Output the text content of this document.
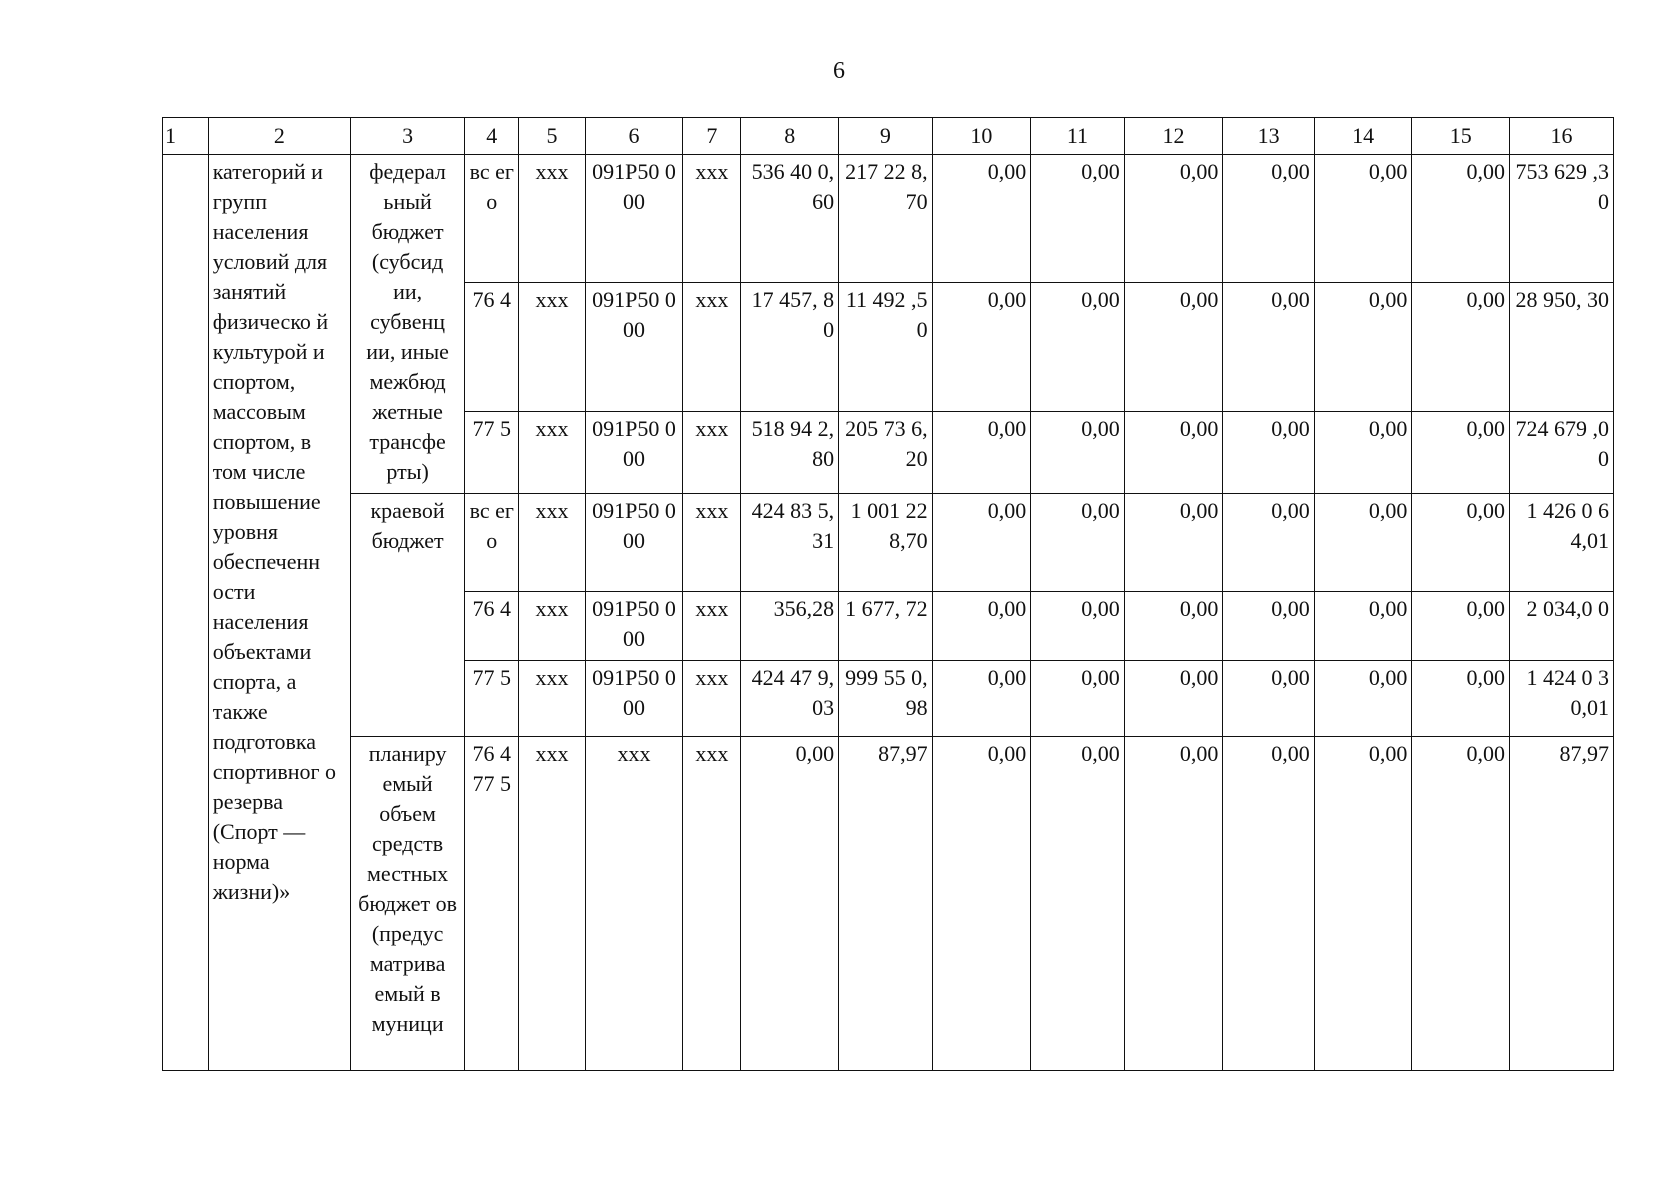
6
1	2	3	4	5	6	7	8	9	10	11	12	13	14	15	16
	категорий и групп населения условий для занятий физическо й культурой и спортом, массовым спортом, в том числе повышение уровня обеспеченн ости населения объектами спорта, а также подготовка спортивног о резерва (Спорт — норма жизни)»	федерал ьный бюджет (субсид ии, субвенц ии, иные межбюд жетные трансфе рты)	вс ег о	xxx	091P50 000	xxx	536 40 0,60	217 22 8,70	0,00	0,00	0,00	0,00	0,00	0,00	753 629 ,30
			76 4	xxx	091P50 000	xxx	17 457, 80	11 492 ,50	0,00	0,00	0,00	0,00	0,00	0,00	28 950, 30
			77 5	xxx	091P50 000	xxx	518 94 2,80	205 73 6,20	0,00	0,00	0,00	0,00	0,00	0,00	724 679 ,00
		краевой бюджет	вс ег о	xxx	091P50 000	xxx	424 83 5,31	1 001 228,70	0,00	0,00	0,00	0,00	0,00	0,00	1 426 0 64,01
			76 4	xxx	091P50 000	xxx	356,28	1 677, 72	0,00	0,00	0,00	0,00	0,00	0,00	2 034,0 0
			77 5	xxx	091P50 000	xxx	424 47 9,03	999 55 0,98	0,00	0,00	0,00	0,00	0,00	0,00	1 424 0 30,01
		планиру емый объем средств местных бюджет ов (предус матрива емый в муници	76 4 77 5	xxx	xxx	xxx	0,00	87,97	0,00	0,00	0,00	0,00	0,00	0,00	87,97
